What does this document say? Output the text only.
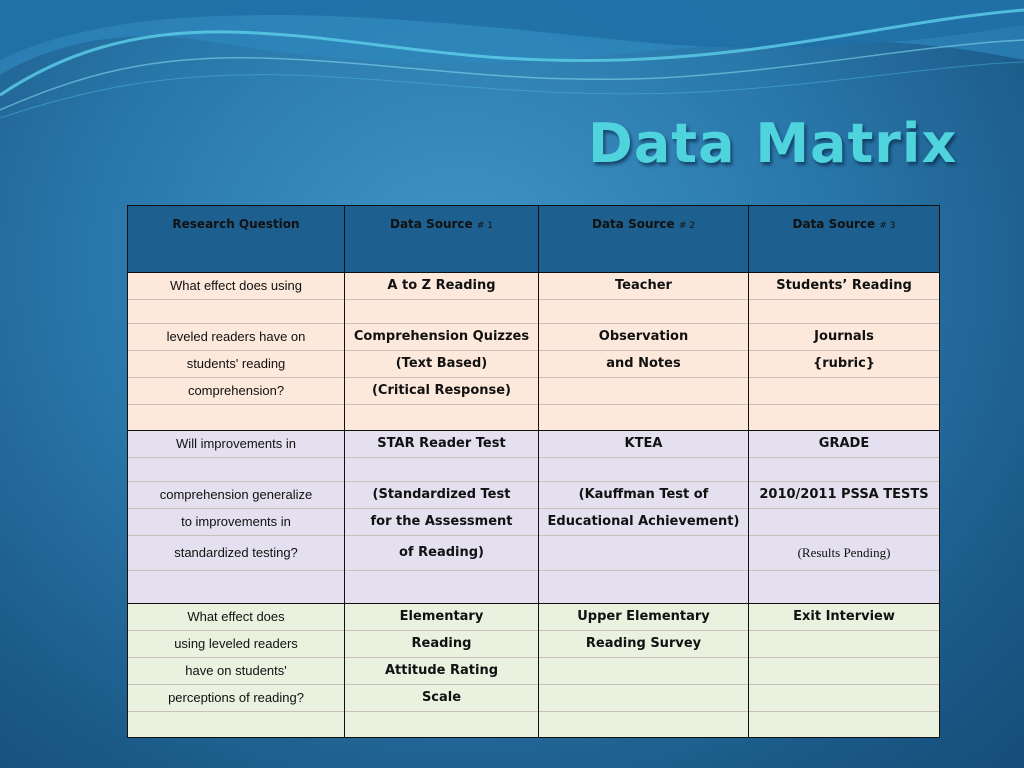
Data Matrix
Research Question	Data Source # 1	Data Source # 2	Data Source # 3
What effect does using	A to Z Reading	Teacher	Students’ Reading

leveled readers have on	Comprehension Quizzes	Observation	Journals
students' reading	(Text Based)	and Notes	{rubric}
comprehension?	(Critical Response)		

Will improvements in	STAR Reader Test	KTEA	GRADE

comprehension generalize	(Standardized Test	(Kauffman Test of	2010/2011 PSSA TESTS
to improvements in	for the Assessment	Educational Achievement)	
standardized testing?	of Reading)		(Results Pending)

What effect does	Elementary	Upper Elementary	Exit Interview
using leveled readers	Reading	Reading Survey	
have on students'	Attitude Rating		
perceptions of reading?	Scale		
